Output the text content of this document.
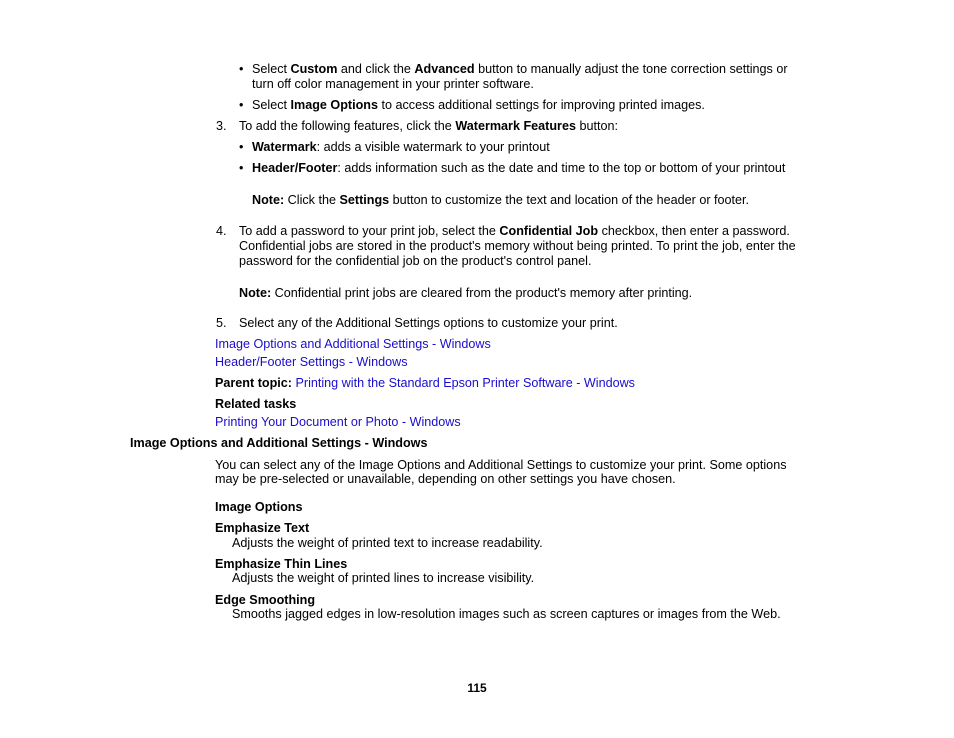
• Select Custom and click the Advanced button to manually adjust the tone correction settings or
turn off color management in your printer software.
• Select Image Options to access additional settings for improving printed images.
3. To add the following features, click the Watermark Features button:
• Watermark: adds a visible watermark to your printout
• Header/Footer: adds information such as the date and time to the top or bottom of your printout
Note: Click the Settings button to customize the text and location of the header or footer.
4. To add a password to your print job, select the Confidential Job checkbox, then enter a password.
Confidential jobs are stored in the product's memory without being printed. To print the job, enter the
password for the confidential job on the product's control panel.
Note: Confidential print jobs are cleared from the product's memory after printing.
5. Select any of the Additional Settings options to customize your print.
Image Options and Additional Settings - Windows
Header/Footer Settings - Windows
Parent topic: Printing with the Standard Epson Printer Software - Windows
Related tasks
Printing Your Document or Photo - Windows
Image Options and Additional Settings - Windows
You can select any of the Image Options and Additional Settings to customize your print. Some options
may be pre-selected or unavailable, depending on other settings you have chosen.
Image Options
Emphasize Text
Adjusts the weight of printed text to increase readability.
Emphasize Thin Lines
Adjusts the weight of printed lines to increase visibility.
Edge Smoothing
Smooths jagged edges in low-resolution images such as screen captures or images from the Web.
115
